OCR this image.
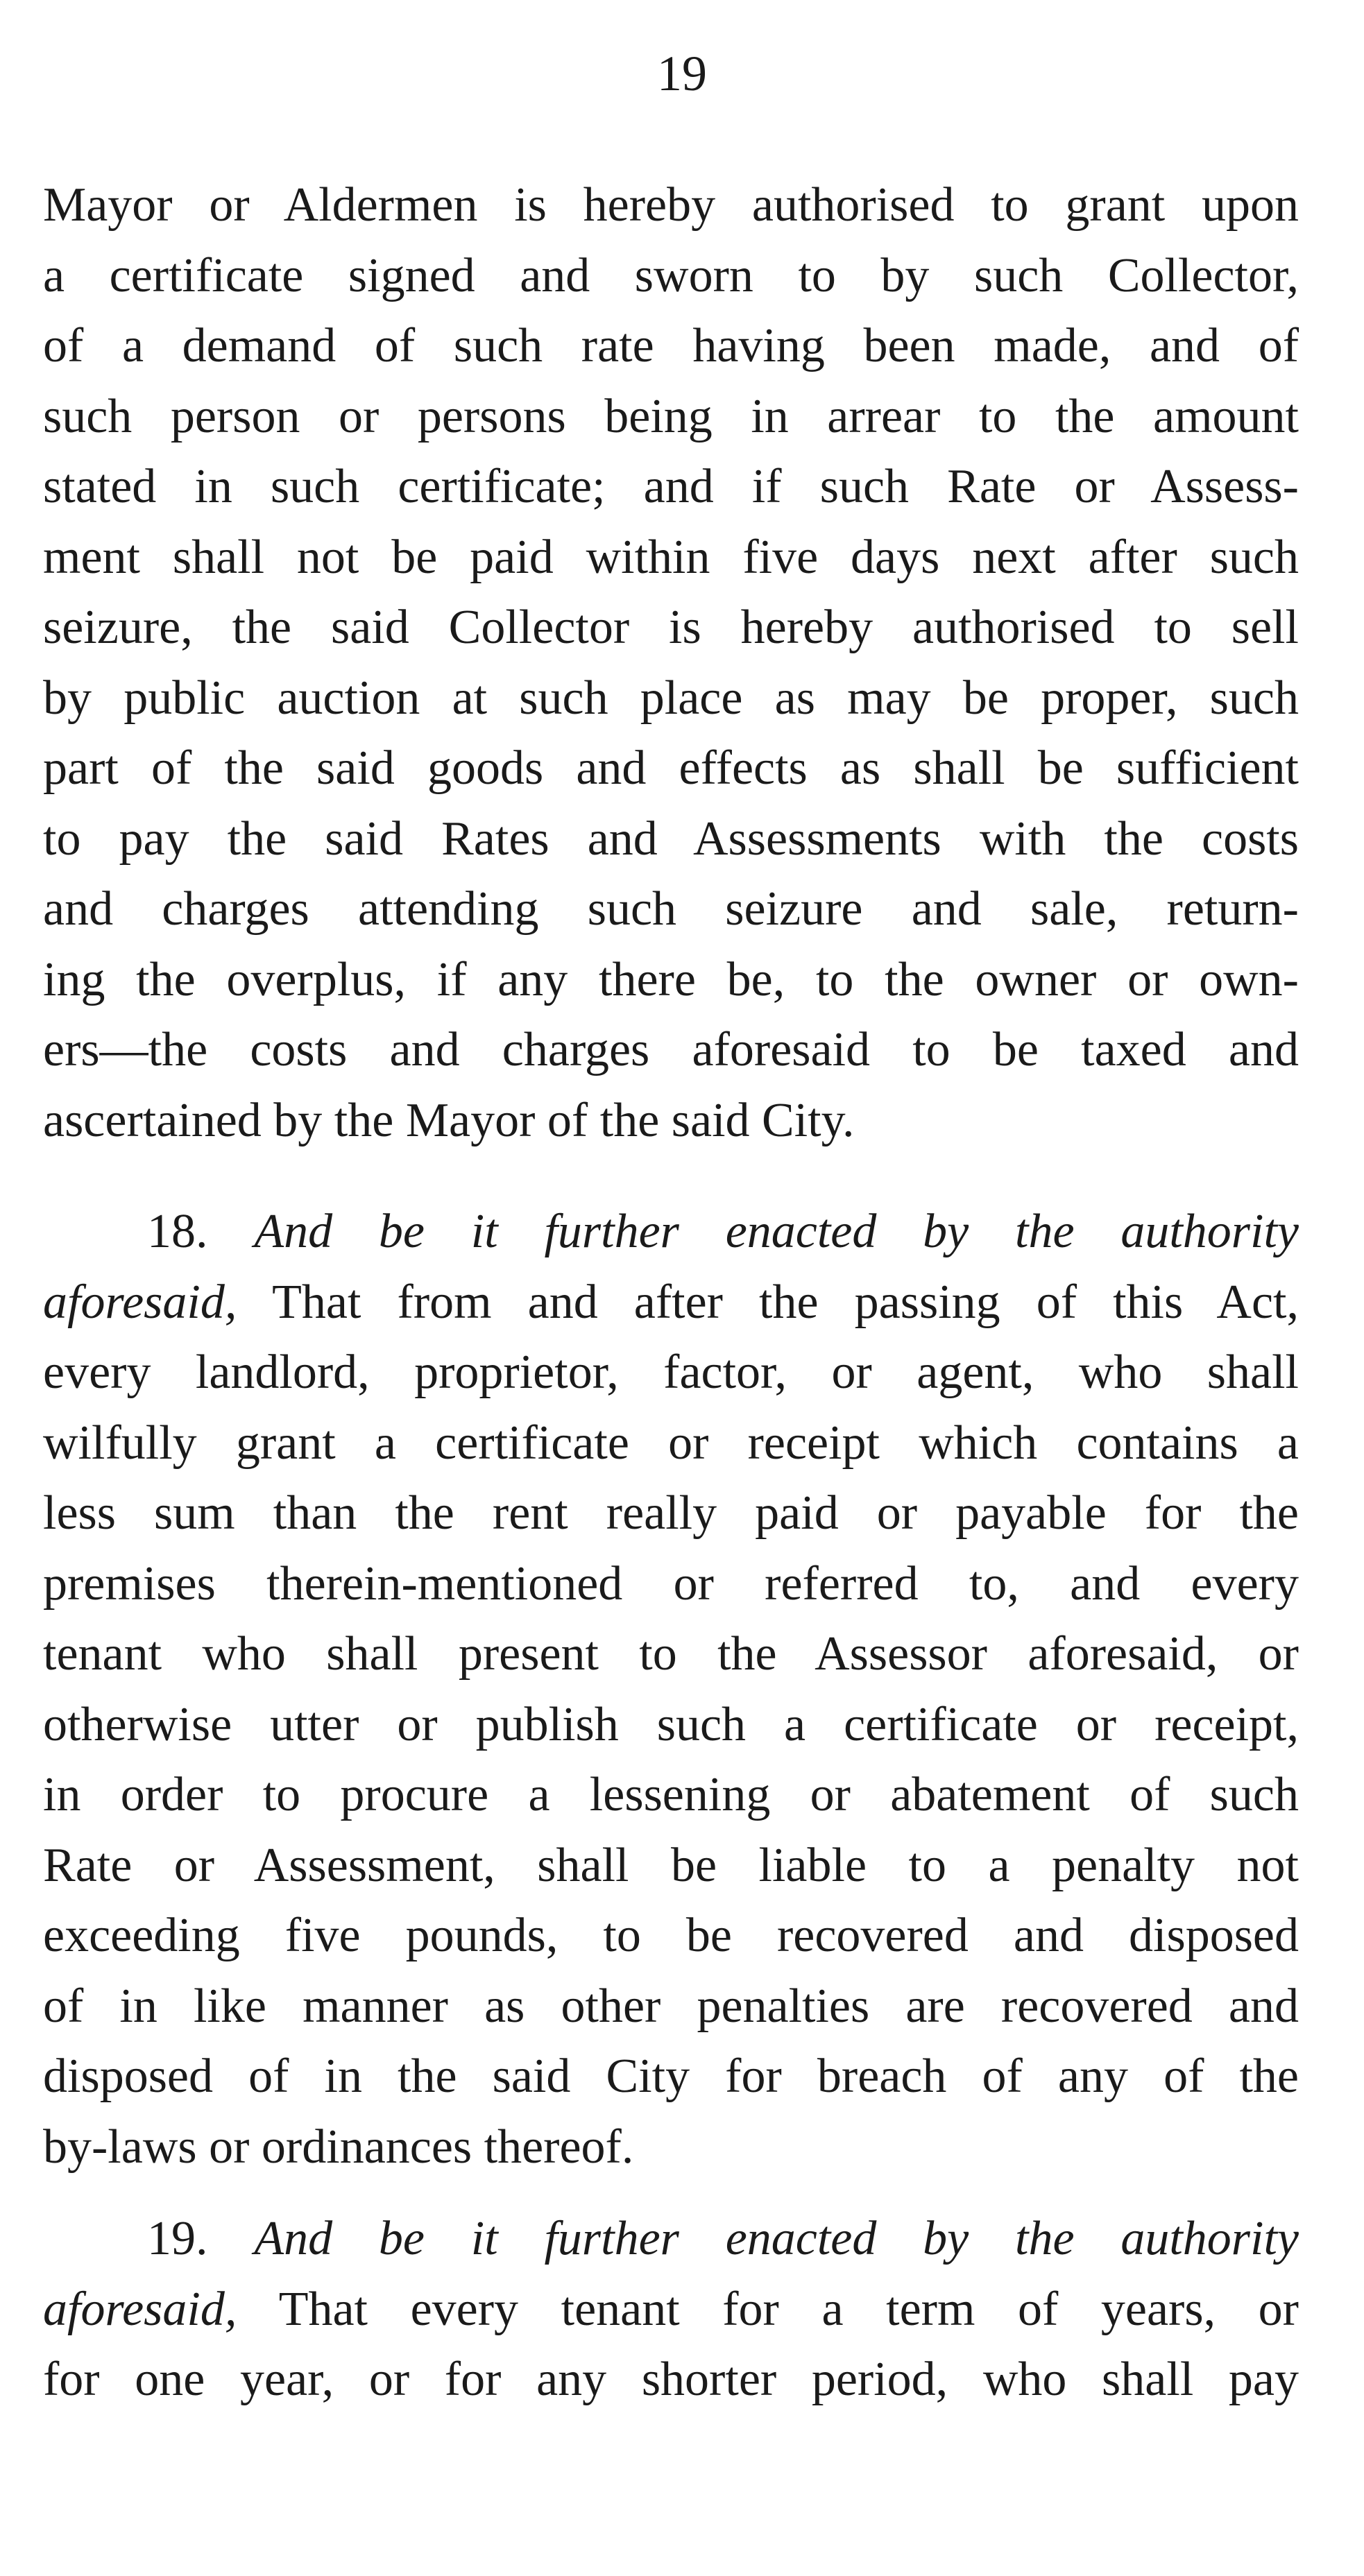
19
Mayor or Aldermen is hereby authorised to grant upon
a certificate signed and sworn to by such Collector,
of a demand of such rate having been made, and of
such person or persons being in arrear to the amount
stated in such certificate; and if such Rate or Assess-
ment shall not be paid within five days next after such
seizure, the said Collector is hereby authorised to sell
by public auction at such place as may be proper, such
part of the said goods and effects as shall be sufficient
to pay the said Rates and Assessments with the costs
and charges attending such seizure and sale, return-
ing the overplus, if any there be, to the owner or own-
ers—the costs and charges aforesaid to be taxed and
ascertained by the Mayor of the said City.
18. And be it further enacted by the authority
aforesaid, That from and after the passing of this Act,
every landlord, proprietor, factor, or agent, who shall
wilfully grant a certificate or receipt which contains a
less sum than the rent really paid or payable for the
premises therein-mentioned or referred to, and every
tenant who shall present to the Assessor aforesaid, or
otherwise utter or publish such a certificate or receipt,
in order to procure a lessening or abatement of such
Rate or Assessment, shall be liable to a penalty not
exceeding five pounds, to be recovered and disposed
of in like manner as other penalties are recovered and
disposed of in the said City for breach of any of the
by-laws or ordinances thereof.
19. And be it further enacted by the authority
aforesaid, That every tenant for a term of years, or
for one year, or for any shorter period, who shall pay
